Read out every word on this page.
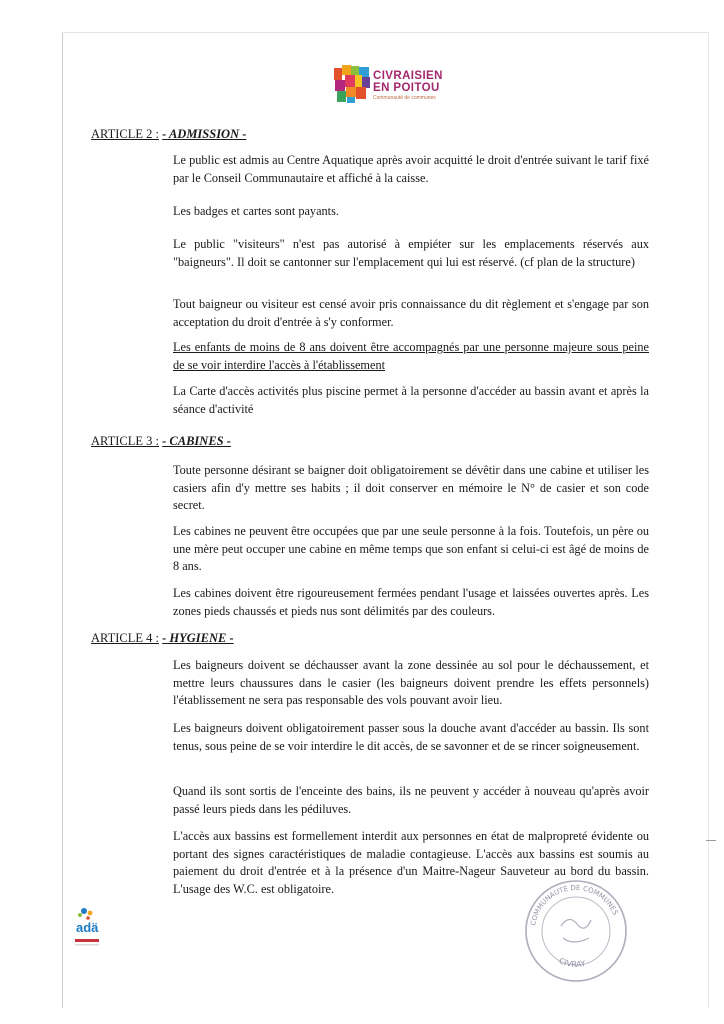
CIVRAISIEN
EN POITOU
Communauté de communes
ARTICLE 2 : - ADMISSION -
Le public est admis au Centre Aquatique après avoir acquitté le droit d'entrée suivant le tarif fixé par le Conseil Communautaire et affiché à la caisse.
Les badges et cartes sont payants.
Le public "visiteurs" n'est pas autorisé à empiéter sur les emplacements réservés aux "baigneurs". Il doit se cantonner sur l'emplacement qui lui est réservé. (cf plan de la structure)
Tout baigneur ou visiteur est censé avoir pris connaissance du dit règlement et s'engage par son acceptation du droit d'entrée à s'y conformer.
Les enfants de moins de 8 ans doivent être accompagnés par une personne majeure sous peine de se voir interdire l'accès à l'établissement
La Carte d'accès activités plus piscine permet à la personne d'accéder au bassin avant et après la séance d'activité
ARTICLE 3 : - CABINES -
Toute personne désirant se baigner doit obligatoirement se dévêtir dans une cabine et utiliser les casiers afin d'y mettre ses habits ; il doit conserver en mémoire le N° de casier et son code secret.
Les cabines ne peuvent être occupées que par une seule personne à la fois. Toutefois, un père ou une mère peut occuper une cabine en même temps que son enfant si celui-ci est âgé de moins de 8 ans.
Les cabines doivent être rigoureusement fermées pendant l'usage et laissées ouvertes après. Les zones pieds chaussés et pieds nus sont délimités par des couleurs.
ARTICLE 4 : - HYGIENE -
Les baigneurs doivent se déchausser avant la zone dessinée au sol pour le déchaussement, et mettre leurs chaussures dans le casier (les baigneurs doivent prendre les effets personnels) l'établissement ne sera pas responsable des vols pouvant avoir lieu.
Les baigneurs doivent obligatoirement passer sous la douche avant d'accéder au bassin. Ils sont tenus, sous peine de se voir interdire le dit accès, de se savonner et de se rincer soigneusement.
Quand ils sont sortis de l'enceinte des bains, ils ne peuvent y accéder à nouveau qu'après avoir passé leurs pieds dans les pédiluves.
L'accès aux bassins est formellement interdit aux personnes en état de malpropreté évidente ou portant des signes caractéristiques de maladie contagieuse. L'accès aux bassins est soumis au paiement du droit d'entrée et à la présence d'un Maitre-Nageur Sauveteur au bord du bassin. L'usage des W.C. est obligatoire.
adä	COMMUNAUTÉ DE COMMUNES
CIVRAY
